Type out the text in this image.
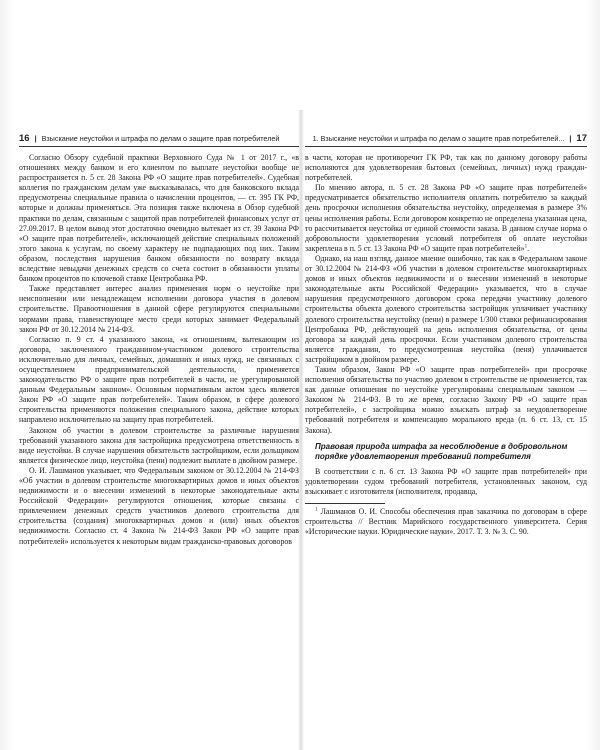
16 | Взыскание неустойки и штрафа по делам о защите прав потребителей

Согласно Обзору судебной практики Верховного Суда № 1 от 2017 г., «в отношениях между банком и его клиентом по выплате неустойки вообще не распространяется п. 5 ст. 28 Закона РФ «О защите прав потребителей». Судебная коллегия по гражданским делам уже высказывалась, что для банковского вклада предусмотрены специальные правила о начислении процентов, — ст. 395 ГК РФ, которые и должны применяться. Эта позиция также включена в Обзор судебной практики по делам, связанным с защитой прав потребителей финансовых услуг от 27.09.2017. В целом вывод этот достаточно очевидно вытекает из ст. 39 Закона РФ «О защите прав потребителей», исключающей действие специальных положений этого закона к услугам, по своему характеру не подпадающих под них. Таким образом, последствия нарушения банком обязанности по возврату вклада вследствие невыдачи денежных средств со счета состоит в обязанности уплаты банком процентов по ключевой ставке Центробанка РФ.

Также представляет интерес анализ применения норм о неустойке при неисполнении или ненадлежащем исполнении договора участия в долевом строительстве. Правоотношения в данной сфере регулируются специальными нормами права, главенствующее место среди которых занимает Федеральный закон РФ от 30.12.2014 № 214-ФЗ.

Согласно п. 9 ст. 4 указанного закона, «к отношениям, вытекающим из договора, заключенного гражданином-участником долевого строительства исключительно для личных, семейных, домашних и иных нужд, не связанных с осуществлением предпринимательской деятельности, применяется законодательство РФ о защите прав потребителей в части, не урегулированной данным Федеральным законом». Основным нормативным актом здесь является Закон РФ «О защите прав потребителей». Таким образом, в сфере долевого строительства применяются положения специального закона, действие которых направлено исключительно на защиту прав потребителей.

Законом об участии в долевом строительстве за различные нарушения требований указанного закона для застройщика предусмотрена ответственность в виде неустойки. В случае нарушения обязательств застройщиком, если дольщиком является физическое лицо, неустойка (пени) подлежит выплате в двойном размере.

О. И. Лашманов указывает, что Федеральным законом от 30.12.2004 № 214-ФЗ «Об участии в долевом строительстве многоквартирных домов и иных объектов недвижимости и о внесении изменений в некоторые законодательные акты Российской Федерации» регулируются отношения, которые связаны с привлечением денежных средств участников долевого строительства для строительства (создания) многоквартирных домов и (или) иных объектов недвижимости. Согласно ст. 4 Закона № 214-ФЗ Закон РФ «О защите прав потребителей» используется к некоторым видам гражданско-правовых договоров

1. Взыскание неустойки и штрафа по делам о защите прав потребителей... | 17

в части, которая не противоречит ГК РФ, так как по данному договору работы исполняются для удовлетворения бытовых (семейных, личных) нужд граждан-потребителей.

По мнению автора, п. 5 ст. 28 Закона РФ «О защите прав потребителей» предусматривается обязательство исполнителя оплатить потребителю за каждый день просрочки исполнения обязательства неустойку, определяемая в размере 3% цены исполнения работы. Если договором конкретно не определена указанная цена, то рассчитывается неустойка от единой стоимости заказа. В данном случае норма о добровольности удовлетворения условий потребителя об оплате неустойки закреплена в п. 5 ст. 13 Закона РФ «О защите прав потребителей»$^1$.

Однако, на наш взгляд, данное мнение ошибочно, так как в Федеральном законе от 30.12.2004 № 214-ФЗ «Об участии в долевом строительстве многоквартирных домов и иных объектов недвижимости и о внесении изменений в некоторые законодательные акты Российской Федерации» указывается, что в случае нарушения предусмотренного договором срока передачи участнику долевого строительства объекта долевого строительства застройщик уплачивает участнику долевого строительства неустойку (пени) в размере 1/300 ставки рефинансирования Центробанка РФ, действующей на день исполнения обязательства, от цены договора за каждый день просрочки. Если участником долевого строительства является гражданин, то предусмотренная неустойка (пеня) уплачивается застройщиком в двойном размере.

Таким образом, Закон РФ «О защите прав потребителей» при просрочке исполнения обязательства по участию долевом в строительстве не применяется, так как данные отношения по неустойке урегулированы специальным законом — Законом № 214-ФЗ. В то же время, согласно Закону РФ «О защите прав потребителей», с застройщика можно взыскать штраф за неудовлетворение требований потребителя и компенсацию морального вреда (п. 6 ст. 13, ст. 15 Закона).

Правовая природа штрафа за несоблюдение в добровольном порядке удовлетворения требований потребителя

В соответствии с п. 6 ст. 13 Закона РФ «О защите прав потребителей» при удовлетворении судом требований потребителя, установленных законом, суд взыскивает с изготовителя (исполнителя, продавца,

$^1$ Лашманов О. И. Способы обеспечения прав заказчика по договорам в сфере строительства // Вестник Марийского государственного университета. Серия «Исторические науки. Юридические науки». 2017. Т. 3. № 3. С. 90.
